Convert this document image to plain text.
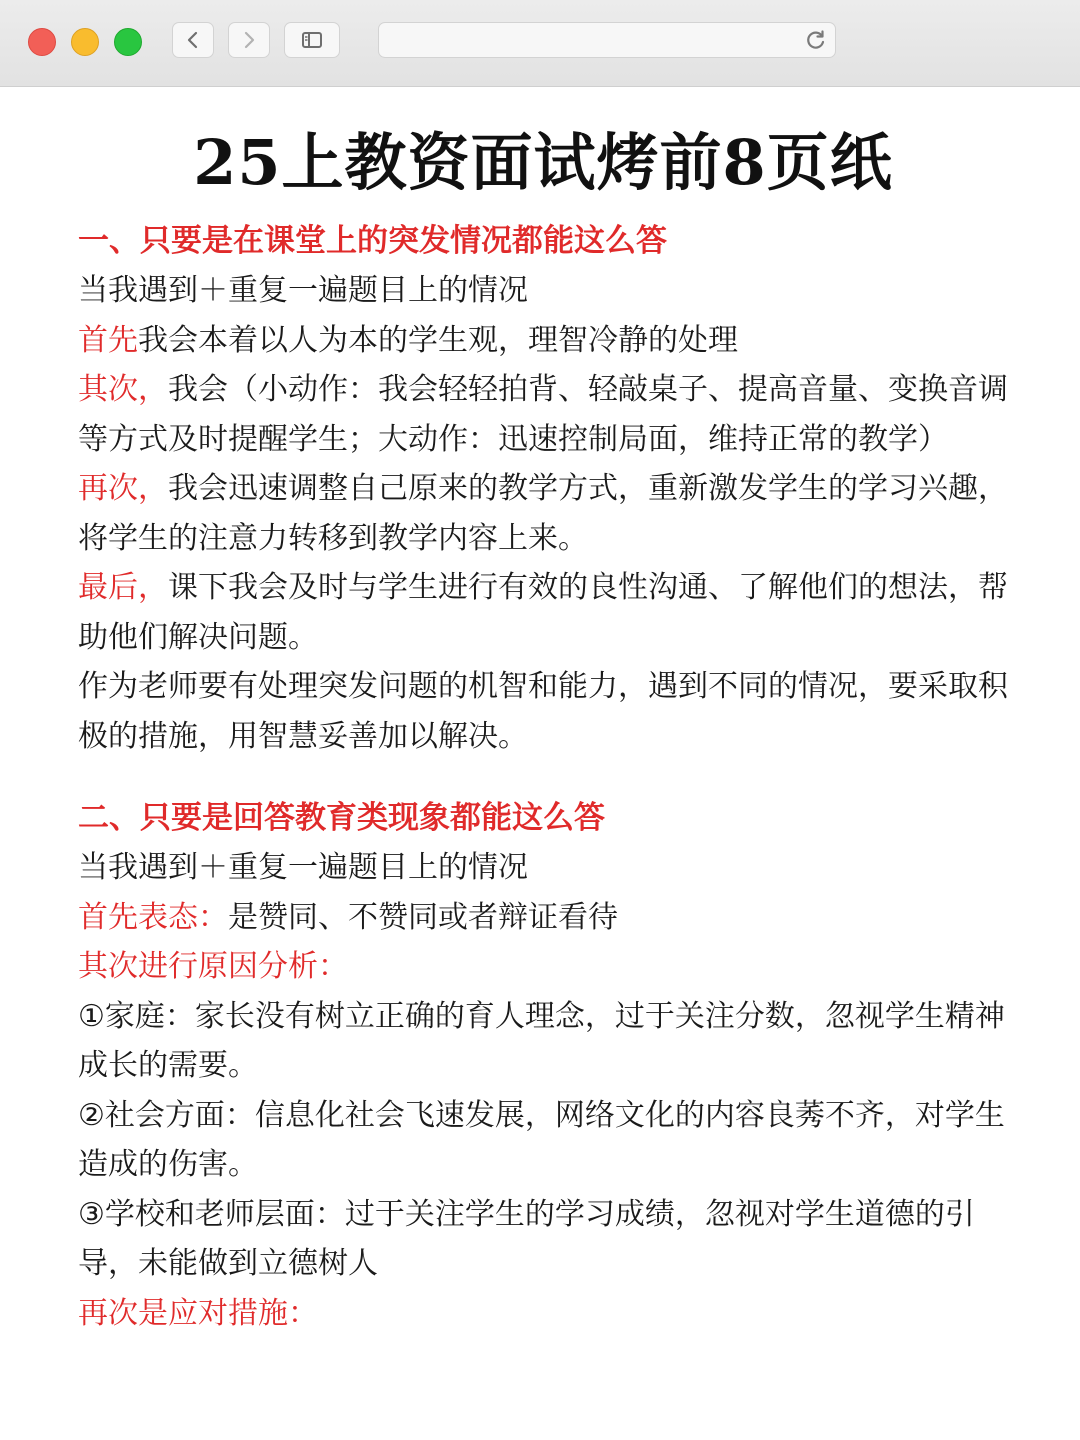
25上教资面试烤前8页纸

一、只要是在课堂上的突发情况都能这么答

当我遇到＋重复一遍题目上的情况

首先我会本着以人为本的学生观，理智冷静的处理

其次，我会（小动作：我会轻轻拍背、轻敲桌子、提高音量、变换音调等方式及时提醒学生；大动作：迅速控制局面，维持正常的教学）

再次，我会迅速调整自己原来的教学方式，重新激发学生的学习兴趣，将学生的注意力转移到教学内容上来。

最后，课下我会及时与学生进行有效的良性沟通、了解他们的想法，帮助他们解决问题。

作为老师要有处理突发问题的机智和能力，遇到不同的情况，要采取积极的措施，用智慧妥善加以解决。

二、只要是回答教育类现象都能这么答

当我遇到＋重复一遍题目上的情况

首先表态：是赞同、不赞同或者辩证看待

其次进行原因分析：

①家庭：家长没有树立正确的育人理念，过于关注分数，忽视学生精神成长的需要。

②社会方面：信息化社会飞速发展，网络文化的内容良莠不齐，对学生造成的伤害。

③学校和老师层面：过于关注学生的学习成绩，忽视对学生道德的引导，未能做到立德树人

再次是应对措施：
